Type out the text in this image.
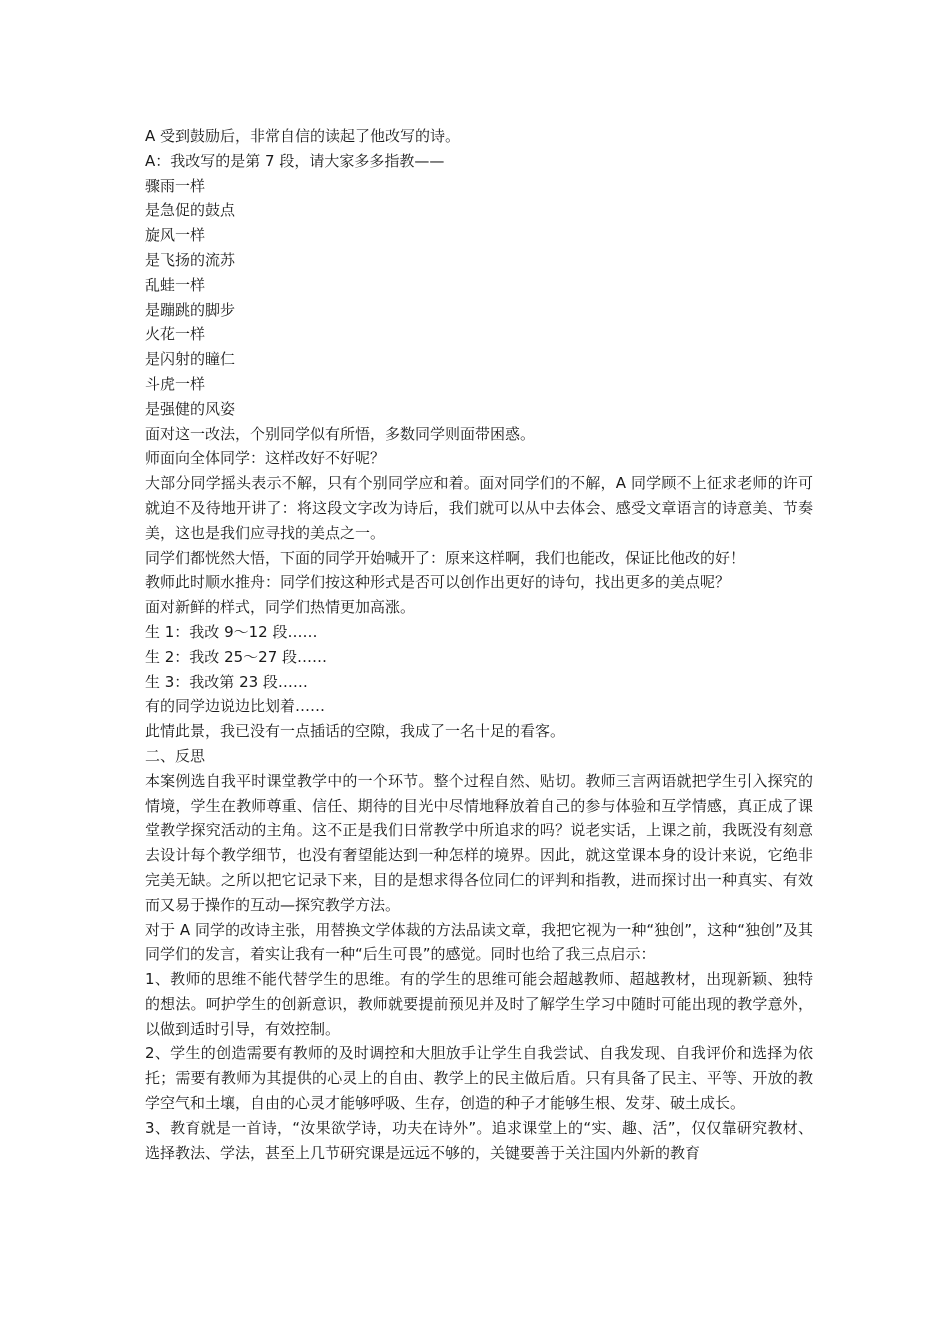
A 受到鼓励后，非常自信的读起了他改写的诗。
A：我改写的是第 7 段，请大家多多指教——
骤雨一样
是急促的鼓点
旋风一样
是飞扬的流苏
乱蛙一样
是蹦跳的脚步
火花一样
是闪射的瞳仁
斗虎一样
是强健的风姿
面对这一改法，个别同学似有所悟，多数同学则面带困惑。
师面向全体同学：这样改好不好呢？
大部分同学摇头表示不解，只有个别同学应和着。面对同学们的不解，A 同学顾不上征求老师的许可就迫不及待地开讲了：将这段文字改为诗后，我们就可以从中去体会、感受文章语言的诗意美、节奏美，这也是我们应寻找的美点之一。
同学们都恍然大悟，下面的同学开始喊开了：原来这样啊，我们也能改，保证比他改的好！
教师此时顺水推舟：同学们按这种形式是否可以创作出更好的诗句，找出更多的美点呢？
面对新鲜的样式，同学们热情更加高涨。
生 1：我改 9～12 段……
生 2：我改 25～27 段……
生 3：我改第 23 段……
有的同学边说边比划着……
此情此景，我已没有一点插话的空隙，我成了一名十足的看客。
二、反思
本案例选自我平时课堂教学中的一个环节。整个过程自然、贴切。教师三言两语就把学生引入探究的情境，学生在教师尊重、信任、期待的目光中尽情地释放着自己的参与体验和互学情感，真正成了课堂教学探究活动的主角。这不正是我们日常教学中所追求的吗？说老实话，上课之前，我既没有刻意去设计每个教学细节，也没有奢望能达到一种怎样的境界。因此，就这堂课本身的设计来说，它绝非完美无缺。之所以把它记录下来，目的是想求得各位同仁的评判和指教，进而探讨出一种真实、有效而又易于操作的互动—探究教学方法。
对于 A 同学的改诗主张，用替换文学体裁的方法品读文章，我把它视为一种“独创”，这种“独创”及其同学们的发言，着实让我有一种“后生可畏”的感觉。同时也给了我三点启示：
1、教师的思维不能代替学生的思维。有的学生的思维可能会超越教师、超越教材，出现新颖、独特的想法。呵护学生的创新意识，教师就要提前预见并及时了解学生学习中随时可能出现的教学意外，以做到适时引导，有效控制。
2、学生的创造需要有教师的及时调控和大胆放手让学生自我尝试、自我发现、自我评价和选择为依托；需要有教师为其提供的心灵上的自由、教学上的民主做后盾。只有具备了民主、平等、开放的教学空气和土壤，自由的心灵才能够呼吸、生存，创造的种子才能够生根、发芽、破土成长。
3、教育就是一首诗，“汝果欲学诗，功夫在诗外”。追求课堂上的“实、趣、活”，仅仅靠研究教材、选择教法、学法，甚至上几节研究课是远远不够的，关键要善于关注国内外新的教育
